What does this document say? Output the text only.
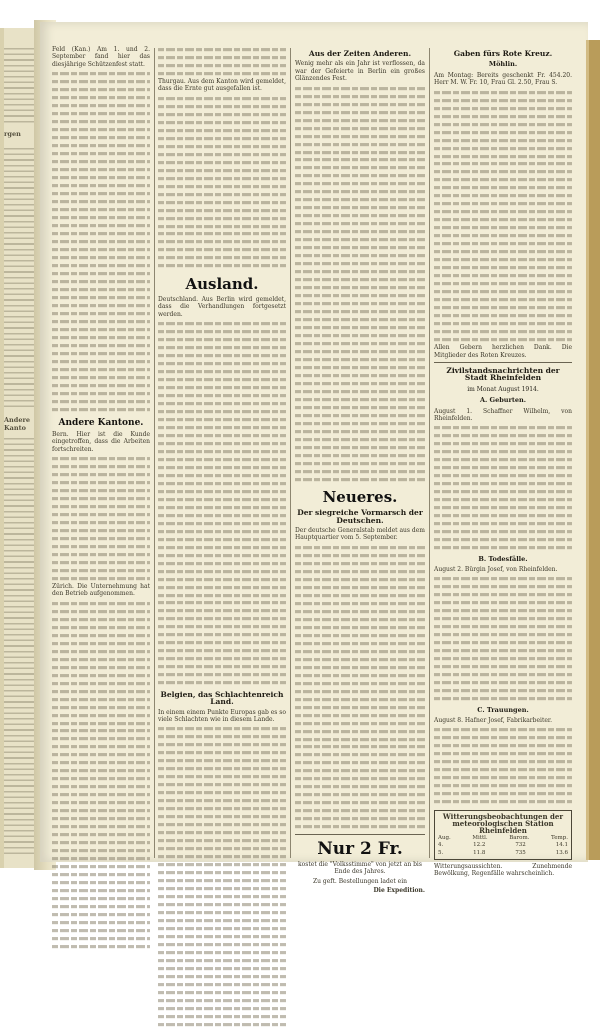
rgen
Andere
Kanto

Feld (Kan.) Am 1. und 2. September fand hier das diesjährige Schützenfest statt.

Andere Kantone.

Bern. Hier ist die Kunde eingetroffen, dass die Arbeiten fortschreiten.

Zürich. Die Unternehmung hat den Betrieb aufgenommen.

Thurgau. Aus dem Kanton wird gemeldet, dass die Ernte gut ausgefallen ist.

Ausland.

Deutschland. Aus Berlin wird gemeldet, dass die Verhandlungen fortgesetzt werden.

Belgien, das Schlachtenreich Land.

In einem einem Punkte Europas gab es so viele Schlachten wie in diesem Lande.

Aus der Zeiten Anderen.

Wenig mehr als ein Jahr ist verflossen, da war der Gefeierte in Berlin ein großes Glänzendes Fest.

Neueres.
Der siegreiche Vormarsch der Deutschen.

Der deutsche Generalstab meldet aus dem Hauptquartier vom 5. September.

Nur 2 Fr.

kostet die "Volksstimme" von jetzt an bis Ende des Jahres.

Zu geft. Bestellungen ladet ein

Die Expedition.

Gaben fürs Rote Kreuz.
Möhlin.

Am Montag: Bereits geschenkt Fr. 454.20. Herr M. W. Fr. 10, Frau Gl. 2.50, Frau S.

Allen Gebern herzlichen Dank. Die Mitglieder des Roten Kreuzes.

Zivilstandsnachrichten der Stadt Rheinfelden
im Monat August 1914.
A. Geburten.

August 1. Schaffner Wilhelm, von Rheinfelden.

B. Todesfälle.

August 2. Bürgin Josef, von Rheinfelden.

C. Trauungen.

August 8. Hafner Josef, Fabrikarbeiter.

Witterungsbeobachtungen der meteorologischen Station Rheinfelden
Aug.	Mittl.	Barom.	Temp.
4.	12.2	732	14.1
5.	11.8	735	13.6

Witterungsaussichten. Zunehmende Bewölkung, Regenfälle wahrscheinlich.
